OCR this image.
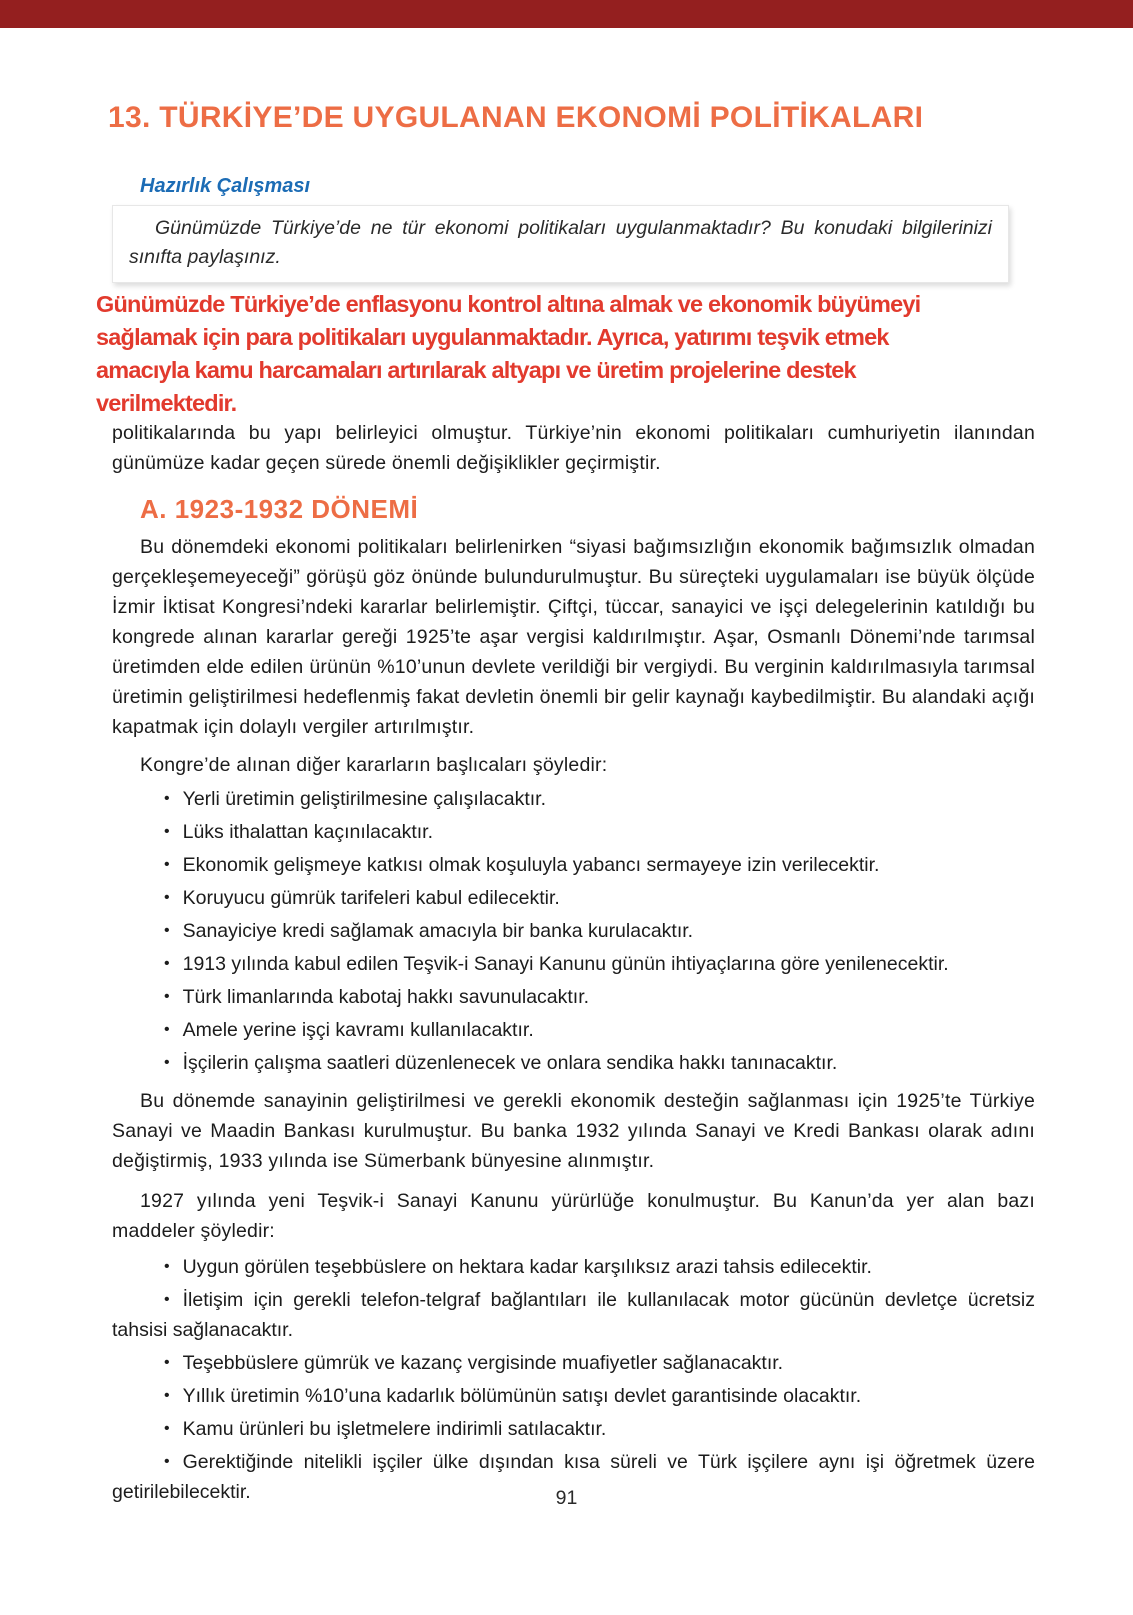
13. TÜRKİYE’DE UYGULANAN EKONOMİ POLİTİKALARI
Hazırlık Çalışması
Günümüzde Türkiye’de ne tür ekonomi politikaları uygulanmaktadır? Bu konudaki bilgilerinizi sınıfta paylaşınız.
Günümüzde Türkiye’de enflasyonu kontrol altına almak ve ekonomik büyümeyi
sağlamak için para politikaları uygulanmaktadır. Ayrıca, yatırımı teşvik etmek
amacıyla kamu harcamaları artırılarak altyapı ve üretim projelerine destek
verilmektedir.

politikalarında bu yapı belirleyici olmuştur. Türkiye’nin ekonomi politikaları cumhuriyetin ilanından günümüze kadar geçen sürede önemli değişiklikler geçirmiştir.

A. 1923-1932 DÖNEMİ

Bu dönemdeki ekonomi politikaları belirlenirken “siyasi bağımsızlığın ekonomik bağımsızlık olmadan gerçekleşemeyeceği” görüşü göz önünde bulundurulmuştur. Bu süreçteki uygulamaları ise büyük ölçüde İzmir İktisat Kongresi’ndeki kararlar belirlemiştir. Çiftçi, tüccar, sanayici ve işçi delegelerinin katıldığı bu kongrede alınan kararlar gereği 1925’te aşar vergisi kaldırılmıştır. Aşar, Osmanlı Dönemi’nde tarımsal üretimden elde edilen ürünün %10’unun devlete verildiği bir vergiydi. Bu verginin kaldırılmasıyla tarımsal üretimin geliştirilmesi hedeflenmiş fakat devletin önemli bir gelir kaynağı kaybedilmiştir. Bu alandaki açığı kapatmak için dolaylı vergiler artırılmıştır.

Kongre’de alınan diğer kararların başlıcaları şöyledir:

• Yerli üretimin geliştirilmesine çalışılacaktır.
• Lüks ithalattan kaçınılacaktır.
• Ekonomik gelişmeye katkısı olmak koşuluyla yabancı sermayeye izin verilecektir.
• Koruyucu gümrük tarifeleri kabul edilecektir.
• Sanayiciye kredi sağlamak amacıyla bir banka kurulacaktır.
• 1913 yılında kabul edilen Teşvik-i Sanayi Kanunu günün ihtiyaçlarına göre yenilenecektir.
• Türk limanlarında kabotaj hakkı savunulacaktır.
• Amele yerine işçi kavramı kullanılacaktır.
• İşçilerin çalışma saatleri düzenlenecek ve onlara sendika hakkı tanınacaktır.

Bu dönemde sanayinin geliştirilmesi ve gerekli ekonomik desteğin sağlanması için 1925’te Türkiye Sanayi ve Maadin Bankası kurulmuştur. Bu banka 1932 yılında Sanayi ve Kredi Bankası olarak adını değiştirmiş, 1933 yılında ise Sümerbank bünyesine alınmıştır.

1927 yılında yeni Teşvik-i Sanayi Kanunu yürürlüğe konulmuştur. Bu Kanun’da yer alan bazı maddeler şöyledir:

• Uygun görülen teşebbüslere on hektara kadar karşılıksız arazi tahsis edilecektir.
• İletişim için gerekli telefon-telgraf bağlantıları ile kullanılacak motor gücünün devletçe ücretsiz tahsisi sağlanacaktır.
• Teşebbüslere gümrük ve kazanç vergisinde muafiyetler sağlanacaktır.
• Yıllık üretimin %10’una kadarlık bölümünün satışı devlet garantisinde olacaktır.
• Kamu ürünleri bu işletmelere indirimli satılacaktır.
• Gerektiğinde nitelikli işçiler ülke dışından kısa süreli ve Türk işçilere aynı işi öğretmek üzere getirilebilecektir.	91
